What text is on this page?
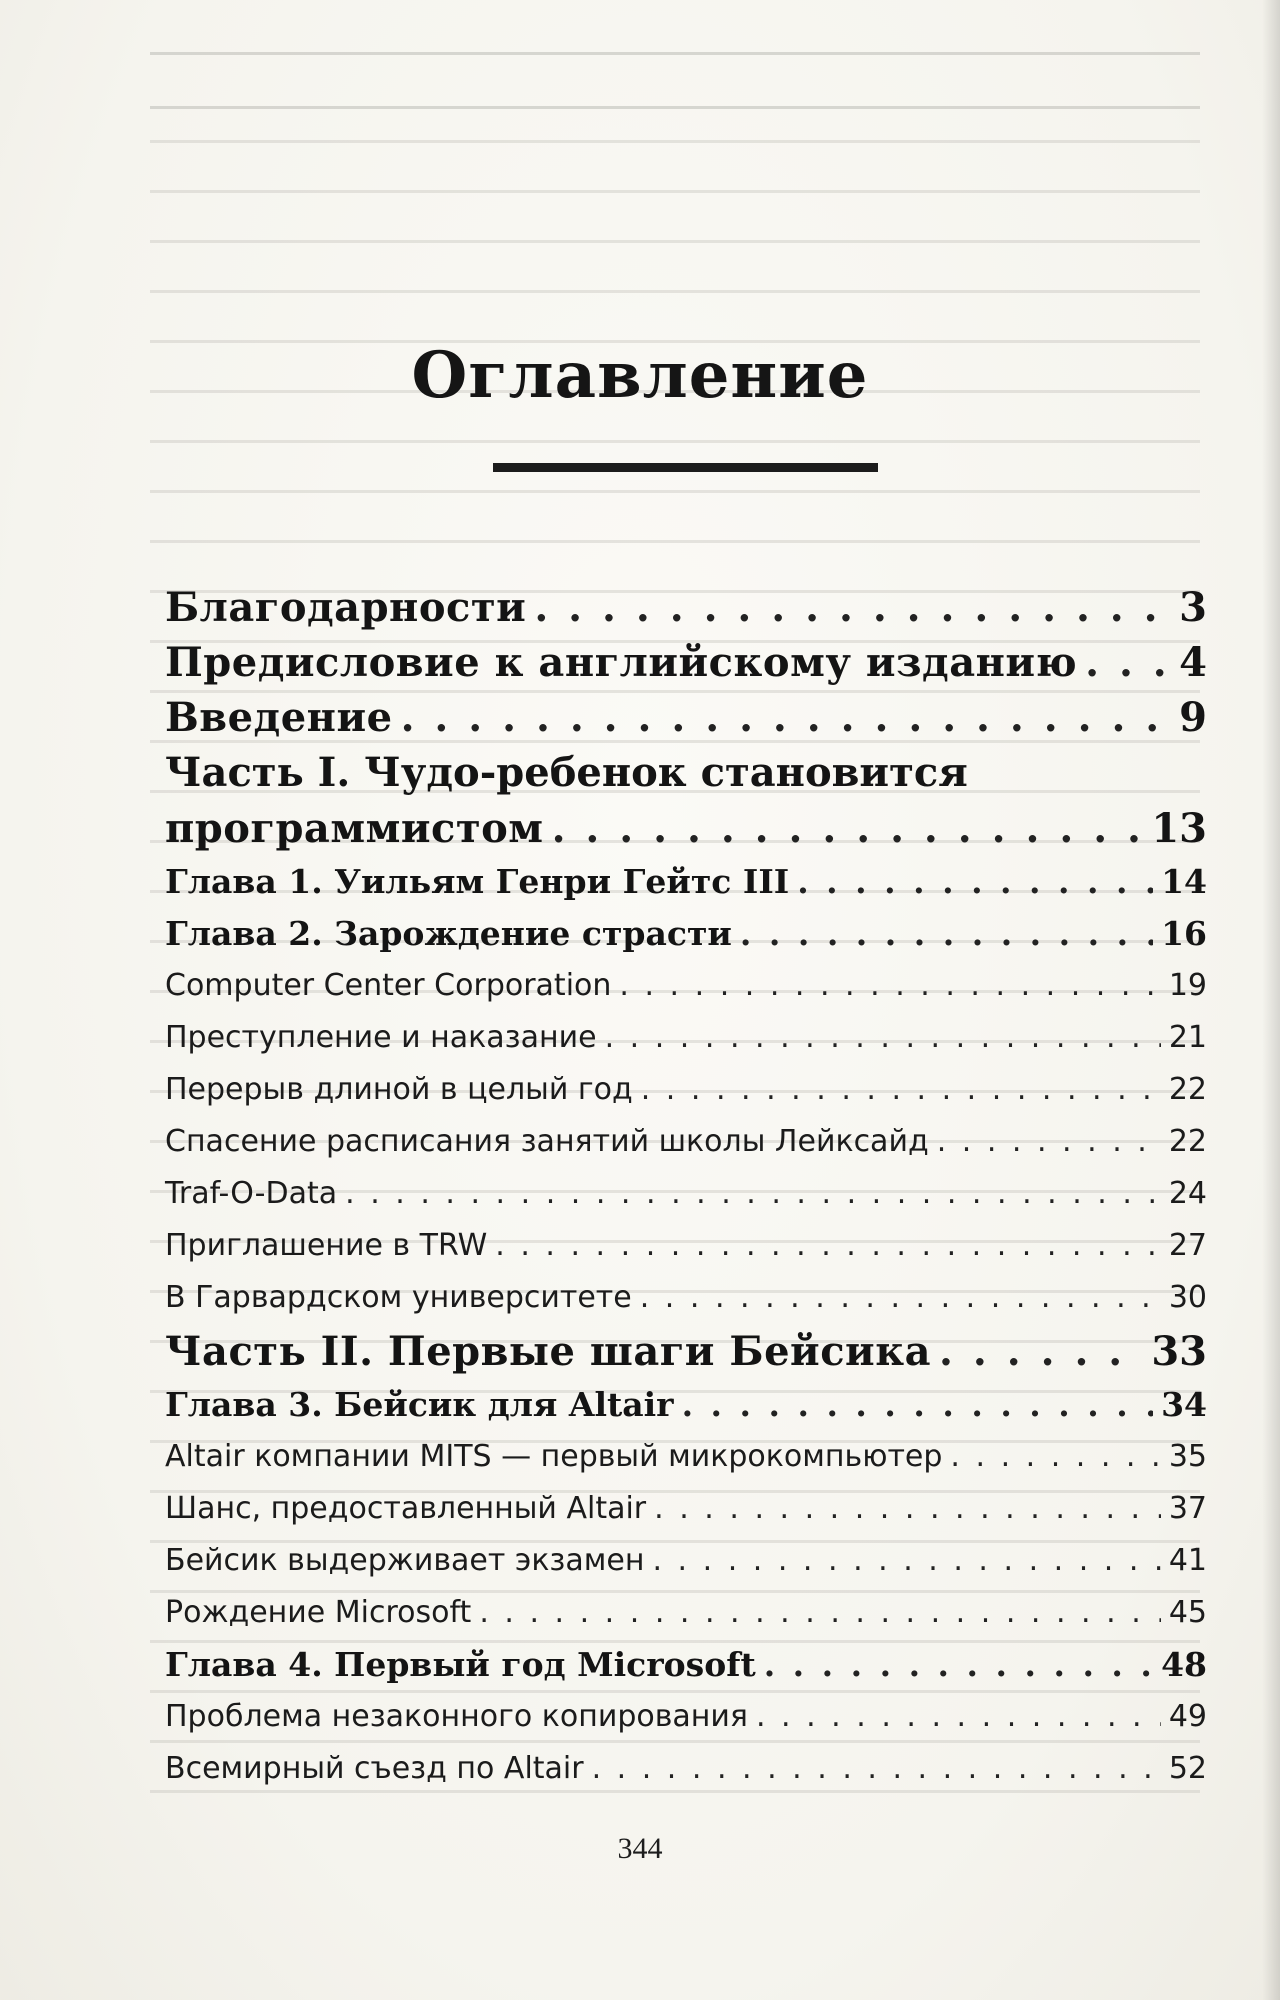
Оглавление
Благодарности . . .	3
Предисловие к английскому изданию . . .	4
Введение . . .	9
Часть I. Чудо-ребенок становится
программистом . . .	13
Глава 1. Уильям Генри Гейтс III . . .	14
Глава 2. Зарождение страсти . . .	16
Computer Center Corporation . . .	19
Преступление и наказание . . .	21
Перерыв длиной в целый год . . .	22
Спасение расписания занятий школы Лейксайд . . .	22
Traf-O-Data . . .	24
Приглашение в TRW . . .	27
В Гарвардском университете . . .	30
Часть II. Первые шаги Бейсика . . .	33
Глава 3. Бейсик для Altair . . .	34
Altair компании MITS — первый микрокомпьютер . . .	35
Шанс, предоставленный Altair . . .	37
Бейсик выдерживает экзамен . . .	41
Рождение Microsoft . . .	45
Глава 4. Первый год Microsoft . . .	48
Проблема незаконного копирования . . .	49
Всемирный съезд по Altair . . .	52
344
